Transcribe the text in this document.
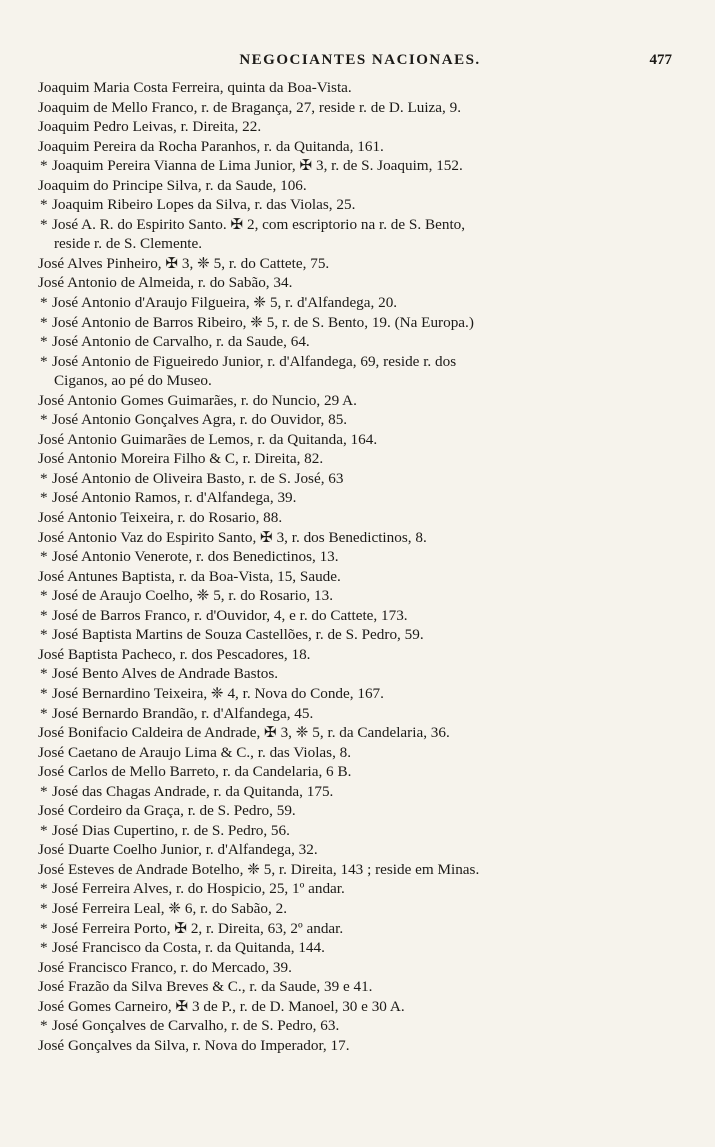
NEGOCIANTES NACIONAES.	477
Joaquim Maria Costa Ferreira, quinta da Boa-Vista.
Joaquim de Mello Franco, r. de Bragança, 27, reside r. de D. Luiza, 9.
Joaquim Pedro Leivas, r. Direita, 22.
Joaquim Pereira da Rocha Paranhos, r. da Quitanda, 161.
* Joaquim Pereira Vianna de Lima Junior, ✠ 3, r. de S. Joaquim, 152.
Joaquim do Principe Silva, r. da Saude, 106.
* Joaquim Ribeiro Lopes da Silva, r. das Violas, 25.
* José A. R. do Espirito Santo. ✠ 2, com escriptorio na r. de S. Bento,
reside r. de S. Clemente.
José Alves Pinheiro, ✠ 3, ❈ 5, r. do Cattete, 75.
José Antonio de Almeida, r. do Sabão, 34.
* José Antonio d'Araujo Filgueira, ❈ 5, r. d'Alfandega, 20.
* José Antonio de Barros Ribeiro, ❈ 5, r. de S. Bento, 19. (Na Europa.)
* José Antonio de Carvalho, r. da Saude, 64.
* José Antonio de Figueiredo Junior, r. d'Alfandega, 69, reside r. dos
Ciganos, ao pé do Museo.
José Antonio Gomes Guimarães, r. do Nuncio, 29 A.
* José Antonio Gonçalves Agra, r. do Ouvidor, 85.
José Antonio Guimarães de Lemos, r. da Quitanda, 164.
José Antonio Moreira Filho & C, r. Direita, 82.
* José Antonio de Oliveira Basto, r. de S. José, 63
* José Antonio Ramos, r. d'Alfandega, 39.
José Antonio Teixeira, r. do Rosario, 88.
José Antonio Vaz do Espirito Santo, ✠ 3, r. dos Benedictinos, 8.
* José Antonio Venerote, r. dos Benedictinos, 13.
José Antunes Baptista, r. da Boa-Vista, 15, Saude.
* José de Araujo Coelho, ❈ 5, r. do Rosario, 13.
* José de Barros Franco, r. d'Ouvidor, 4, e r. do Cattete, 173.
* José Baptista Martins de Souza Castellões, r. de S. Pedro, 59.
José Baptista Pacheco, r. dos Pescadores, 18.
* José Bento Alves de Andrade Bastos.
* José Bernardino Teixeira, ❈ 4, r. Nova do Conde, 167.
* José Bernardo Brandão, r. d'Alfandega, 45.
José Bonifacio Caldeira de Andrade, ✠ 3, ❈ 5, r. da Candelaria, 36.
José Caetano de Araujo Lima & C., r. das Violas, 8.
José Carlos de Mello Barreto, r. da Candelaria, 6 B.
* José das Chagas Andrade, r. da Quitanda, 175.
José Cordeiro da Graça, r. de S. Pedro, 59.
* José Dias Cupertino, r. de S. Pedro, 56.
José Duarte Coelho Junior, r. d'Alfandega, 32.
José Esteves de Andrade Botelho, ❈ 5, r. Direita, 143 ; reside em Minas.
* José Ferreira Alves, r. do Hospicio, 25, 1º andar.
* José Ferreira Leal, ❈ 6, r. do Sabão, 2.
* José Ferreira Porto, ✠ 2, r. Direita, 63, 2º andar.
* José Francisco da Costa, r. da Quitanda, 144.
José Francisco Franco, r. do Mercado, 39.
José Frazão da Silva Breves & C., r. da Saude, 39 e 41.
José Gomes Carneiro, ✠ 3 de P., r. de D. Manoel, 30 e 30 A.
* José Gonçalves de Carvalho, r. de S. Pedro, 63.
José Gonçalves da Silva, r. Nova do Imperador, 17.
